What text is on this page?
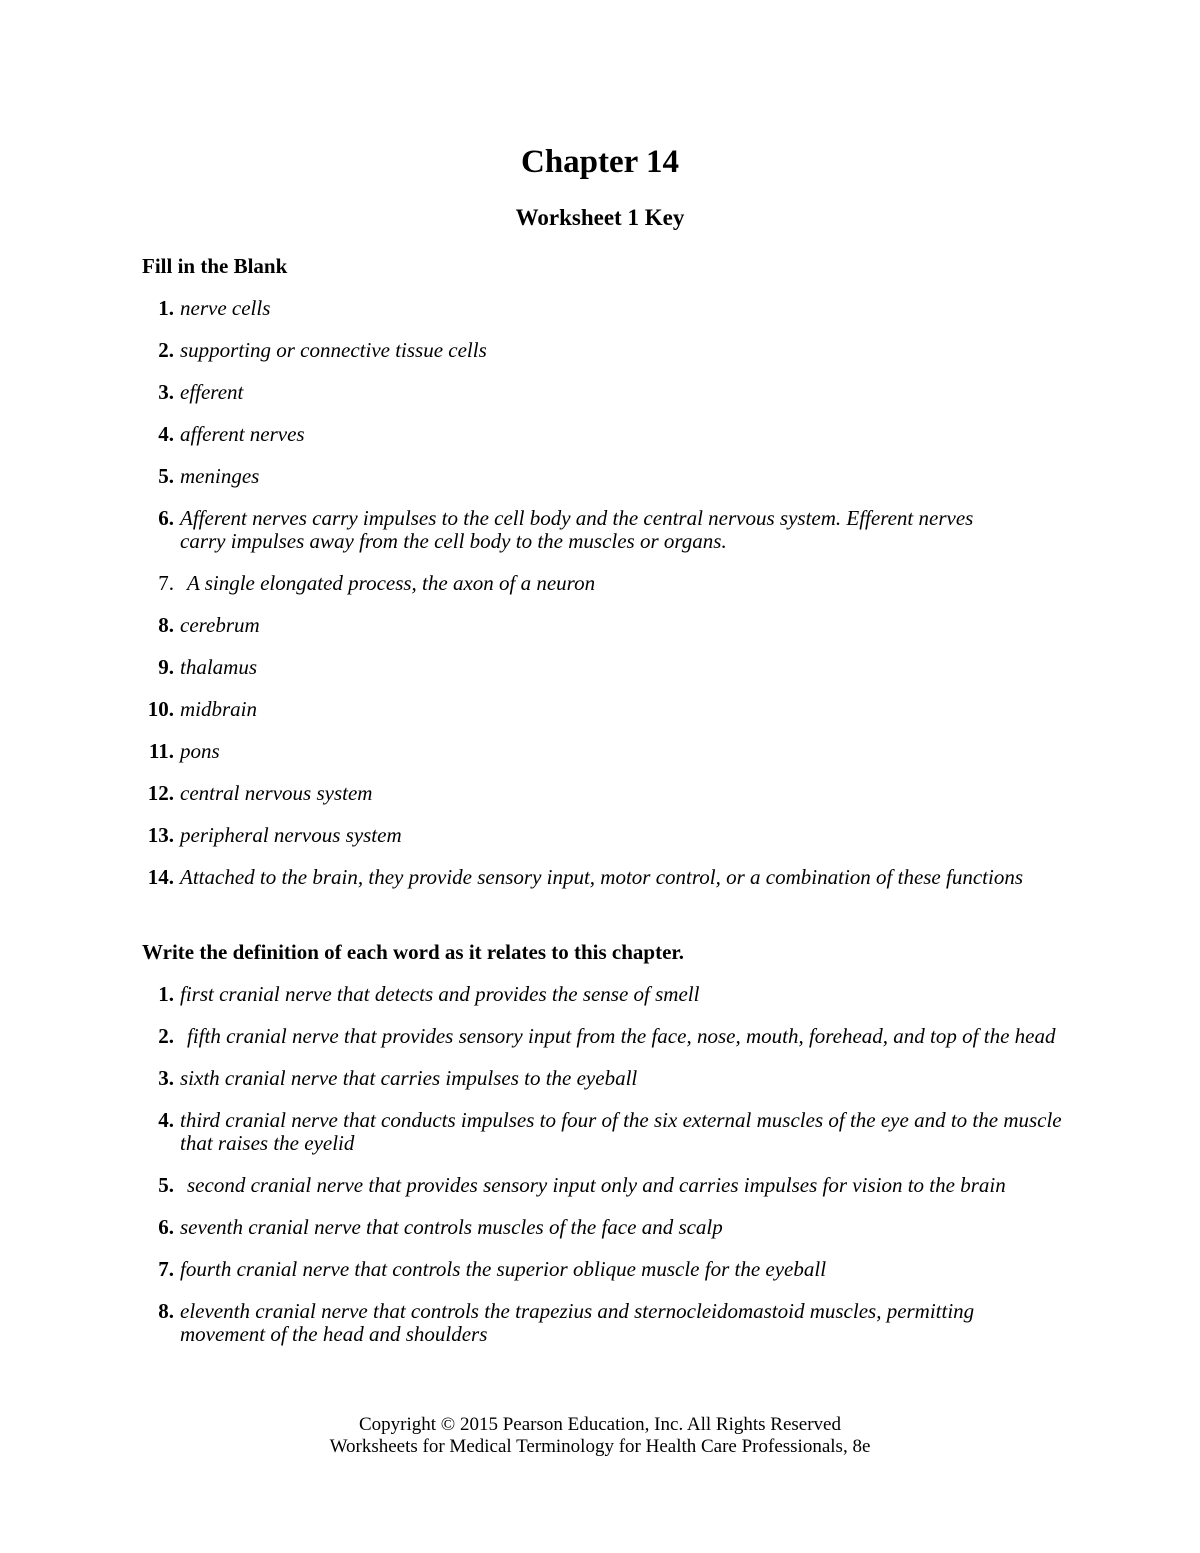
Chapter 14
Worksheet 1 Key
Fill in the Blank
1. nerve cells
2. supporting or connective tissue cells
3. efferent
4. afferent nerves
5. meninges
6. Afferent nerves carry impulses to the cell body and the central nervous system. Efferent nerves carry impulses away from the cell body to the muscles or organs.
7. A single elongated process, the axon of a neuron
8. cerebrum
9. thalamus
10. midbrain
11. pons
12. central nervous system
13. peripheral nervous system
14. Attached to the brain, they provide sensory input, motor control, or a combination of these functions
Write the definition of each word as it relates to this chapter.
1. first cranial nerve that detects and provides the sense of smell
2. fifth cranial nerve that provides sensory input from the face, nose, mouth, forehead, and top of the head
3. sixth cranial nerve that carries impulses to the eyeball
4. third cranial nerve that conducts impulses to four of the six external muscles of the eye and to the muscle that raises the eyelid
5. second cranial nerve that provides sensory input only and carries impulses for vision to the brain
6. seventh cranial nerve that controls muscles of the face and scalp
7. fourth cranial nerve that controls the superior oblique muscle for the eyeball
8. eleventh cranial nerve that controls the trapezius and sternocleidomastoid muscles, permitting movement of the head and shoulders
Copyright © 2015 Pearson Education, Inc. All Rights Reserved
Worksheets for Medical Terminology for Health Care Professionals, 8e
